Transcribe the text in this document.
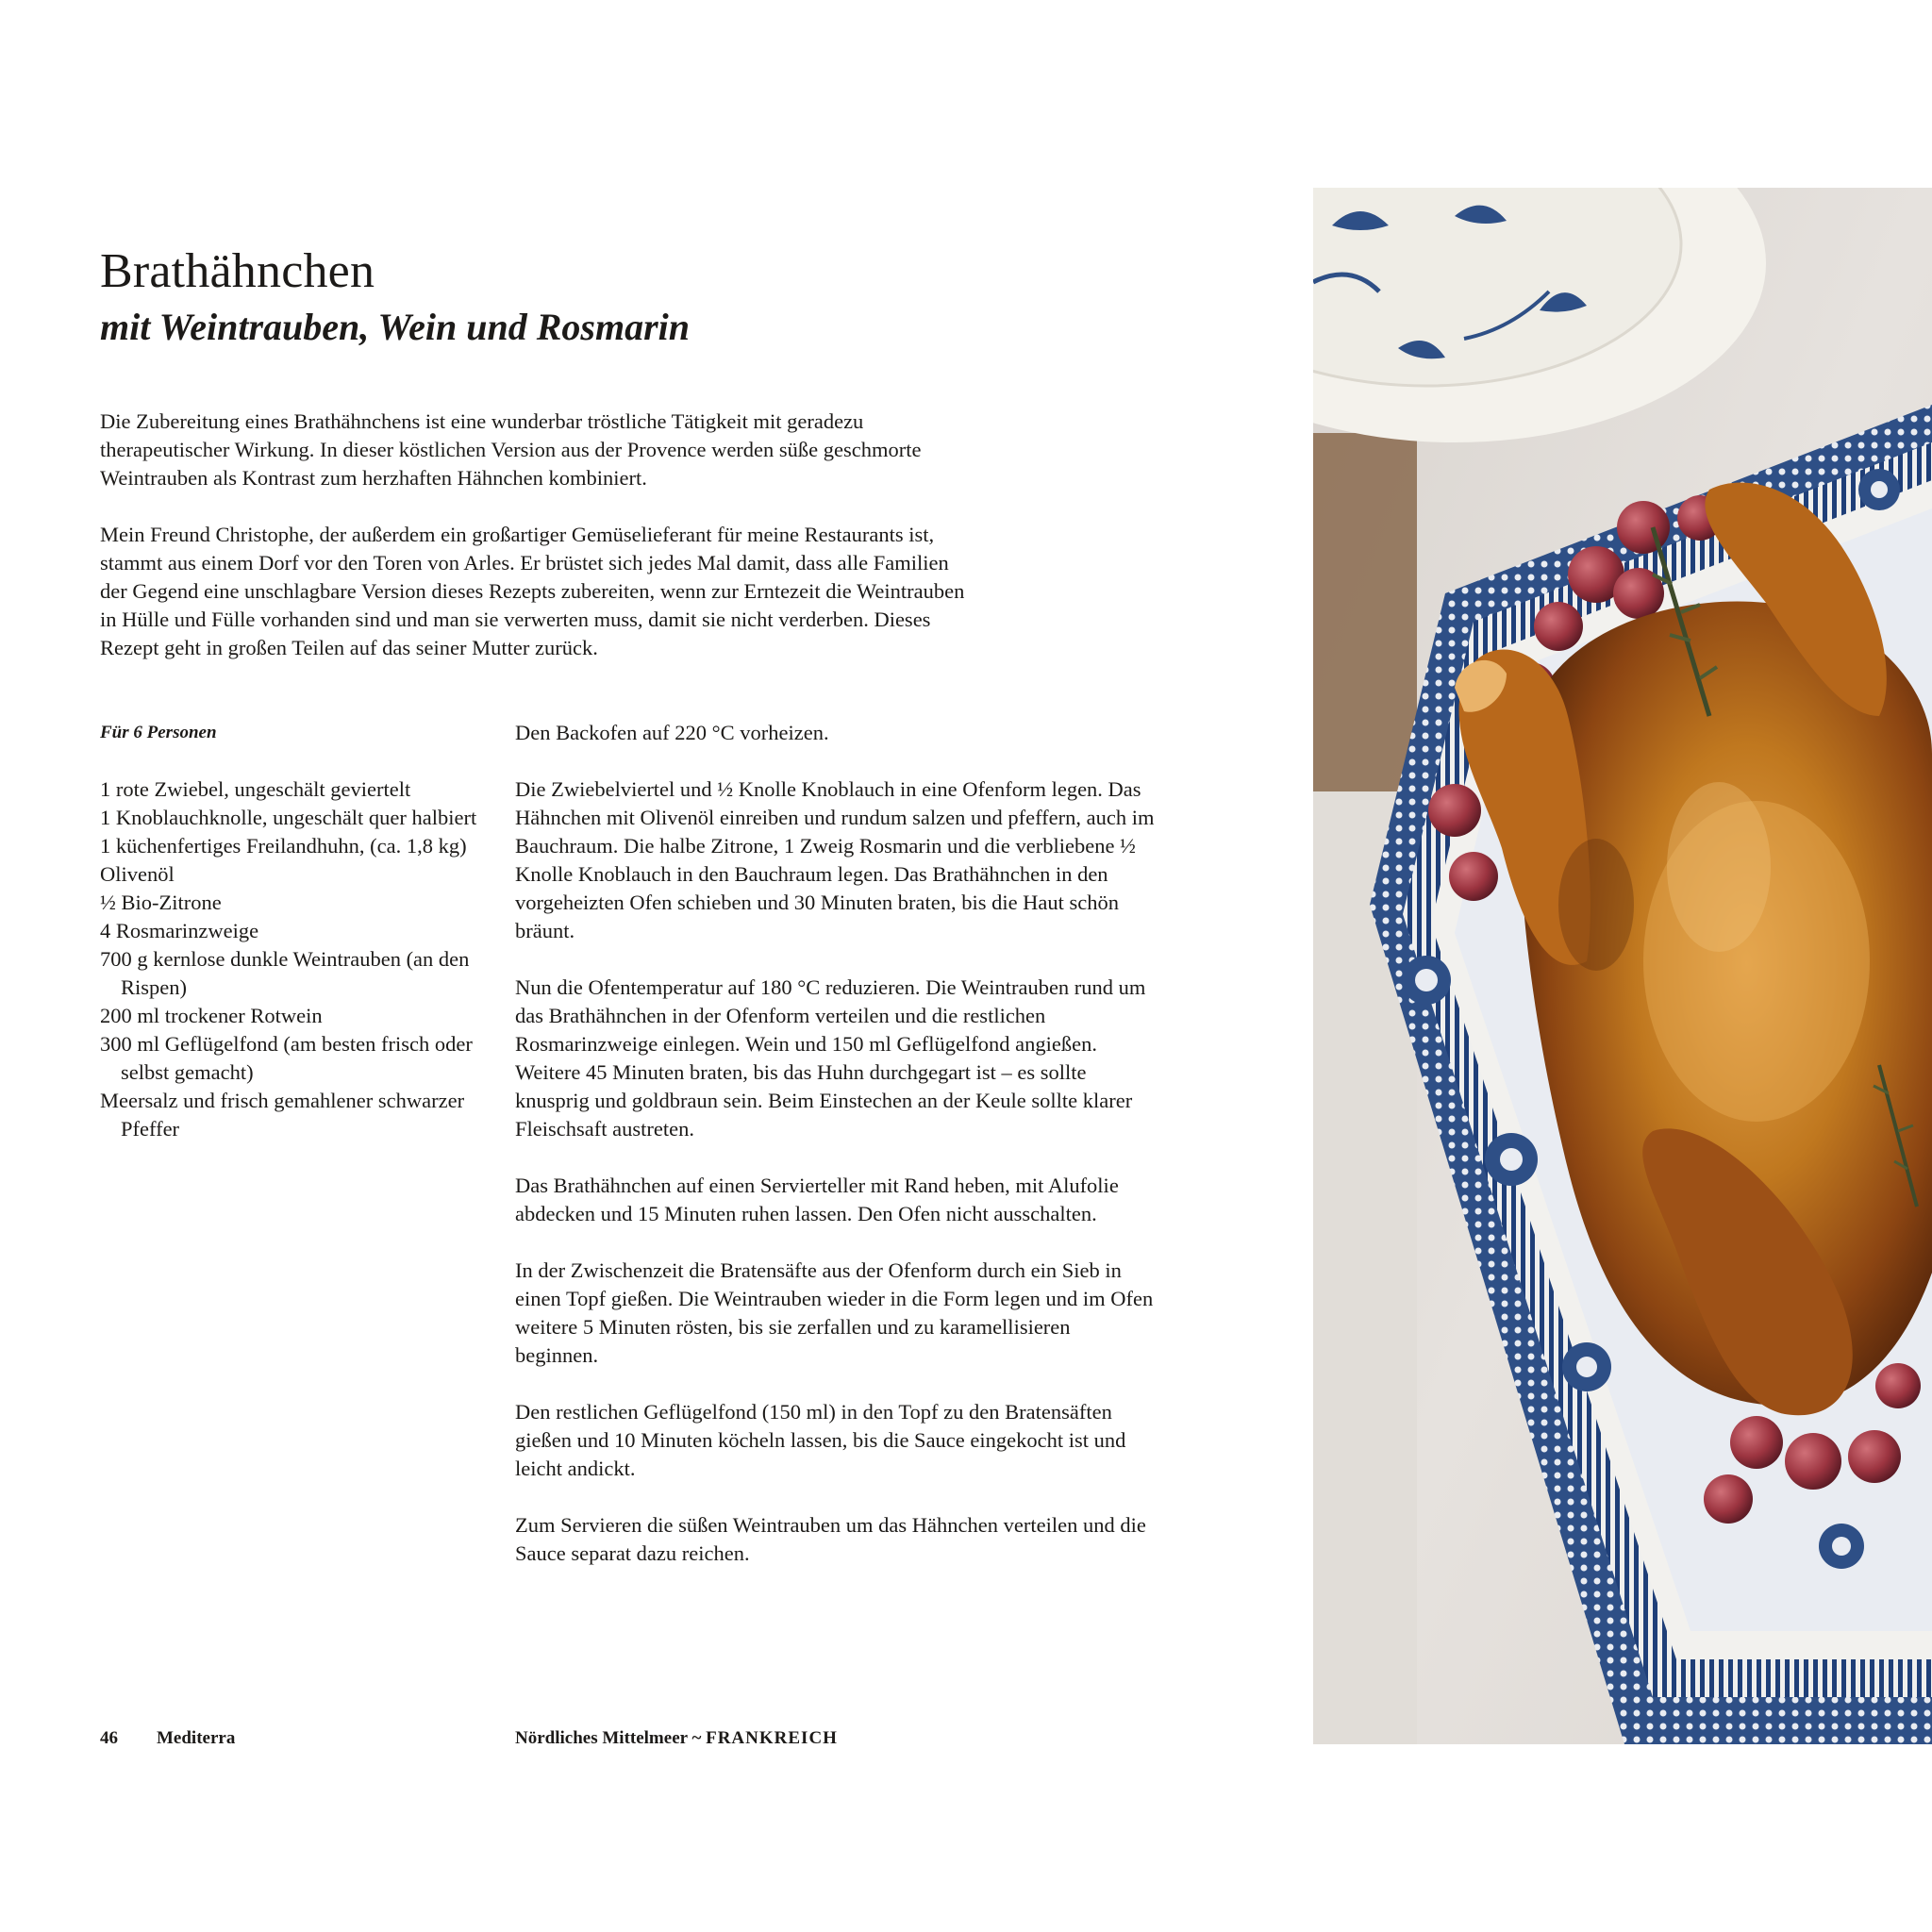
Brathähnchen
mit Weintrauben, Wein und Rosmarin

Die Zubereitung eines Brathähnchens ist eine wunderbar tröstliche Tätigkeit mit geradezu therapeutischer Wirkung. In dieser köstlichen Version aus der Provence werden süße geschmorte Weintrauben als Kontrast zum herzhaften Hähnchen kombiniert.

Mein Freund Christophe, der außerdem ein großartiger Gemüselieferant für meine Restaurants ist, stammt aus einem Dorf vor den Toren von Arles. Er brüstet sich jedes Mal damit, dass alle Familien der Gegend eine unschlagbare Version dieses Rezepts zubereiten, wenn zur Erntezeit die Weintrauben in Hülle und Fülle vorhanden sind und man sie verwerten muss, damit sie nicht verderben. Dieses Rezept geht in großen Teilen auf das seiner Mutter zurück.

Für 6 Personen
1 rote Zwiebel, ungeschält geviertelt
1 Knoblauchknolle, ungeschält quer halbiert
1 küchenfertiges Freilandhuhn, (ca. 1,8 kg)
Olivenöl
½ Bio-Zitrone
4 Rosmarinzweige
700 g kernlose dunkle Weintrauben (an den Rispen)
200 ml trockener Rotwein
300 ml Geflügelfond (am besten frisch oder selbst gemacht)
Meersalz und frisch gemahlener schwarzer Pfeffer

Den Backofen auf 220 °C vorheizen.

Die Zwiebelviertel und ½ Knolle Knoblauch in eine Ofenform legen. Das Hähnchen mit Olivenöl einreiben und rundum salzen und pfeffern, auch im Bauchraum. Die halbe Zitrone, 1 Zweig Rosmarin und die verbliebene ½ Knolle Knoblauch in den Bauchraum legen. Das Brathähnchen in den vorgeheizten Ofen schieben und 30 Minuten braten, bis die Haut schön bräunt.

Nun die Ofentemperatur auf 180 °C reduzieren. Die Weintrauben rund um das Brathähnchen in der Ofenform verteilen und die restlichen Rosmarinzweige einlegen. Wein und 150 ml Geflügelfond angießen. Weitere 45 Minuten braten, bis das Huhn durchgegart ist – es sollte knusprig und goldbraun sein. Beim Einstechen an der Keule sollte klarer Fleischsaft austreten.

Das Brathähnchen auf einen Servierteller mit Rand heben, mit Alufolie abdecken und 15 Minuten ruhen lassen. Den Ofen nicht ausschalten.

In der Zwischenzeit die Bratensäfte aus der Ofenform durch ein Sieb in einen Topf gießen. Die Weintrauben wieder in die Form legen und im Ofen weitere 5 Minuten rösten, bis sie zerfallen und zu karamellisieren beginnen.

Den restlichen Geflügelfond (150 ml) in den Topf zu den Bratensäften gießen und 10 Minuten köcheln lassen, bis die Sauce eingekocht ist und leicht andickt.

Zum Servieren die süßen Weintrauben um das Hähnchen verteilen und die Sauce separat dazu reichen.

46 Mediterra	Nördliches Mittelmeer ~ FRANKREICH
